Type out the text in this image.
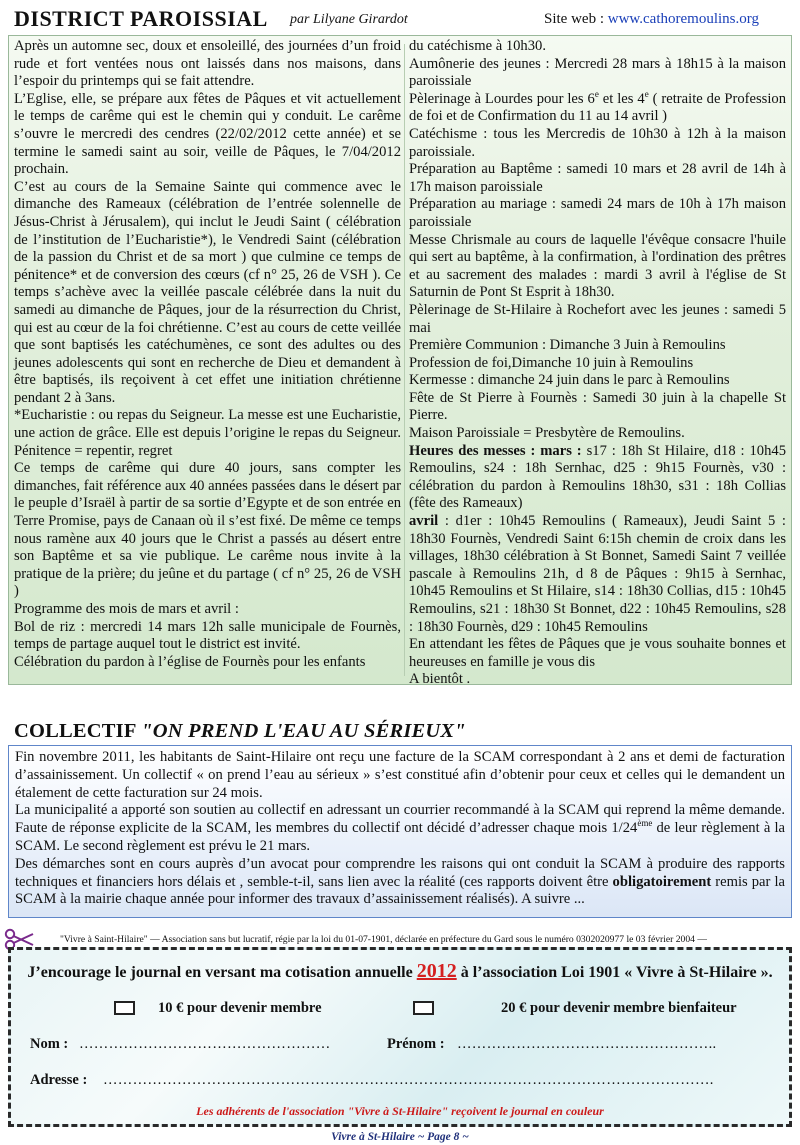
DISTRICT PAROISSIAL par Lilyane Girardot	Site web : www.cathoremoulins.org

Après un automne sec, doux et ensoleillé, des journées d’un froid rude et fort ventées nous ont laissés dans nos maisons, dans l’espoir du printemps qui se fait attendre.

L’Eglise, elle, se prépare aux fêtes de Pâques et vit actuellement le temps de carême qui est le chemin qui y conduit. Le carême s’ouvre le mercredi des cendres (22/02/2012 cette année) et se termine le samedi saint au soir, veille de Pâques, le 7/04/2012 prochain.

C’est au cours de la Semaine Sainte qui commence avec le dimanche des Rameaux (célébration de l’entrée solennelle de Jésus-Christ à Jérusalem), qui inclut le Jeudi Saint ( célébration de l’institution de l’Eucharistie*), le Vendredi Saint (célébration de la passion du Christ et de sa mort ) que culmine ce temps de pénitence* et de conversion des cœurs (cf n° 25, 26 de VSH ). Ce temps s’achève avec la veillée pascale célébrée dans la nuit du samedi au dimanche de Pâques, jour de la résurrection du Christ, qui est au cœur de la foi chrétienne. C’est au cours de cette veillée que sont baptisés les catéchumènes, ce sont des adultes ou des jeunes adolescents qui sont en recherche de Dieu et demandent à être baptisés, ils reçoivent à cet effet une initiation chrétienne pendant 2 à 3ans.

*Eucharistie : ou repas du Seigneur. La messe est une Eucharistie, une action de grâce. Elle est depuis l’origine le repas du Seigneur. Pénitence = repentir, regret

Ce temps de carême qui dure 40 jours, sans compter les dimanches, fait référence aux 40 années passées dans le désert par le peuple d’Israël à partir de sa sortie d’Egypte et de son entrée en Terre Promise, pays de Canaan où il s’est fixé. De même ce temps nous ramène aux 40 jours que le Christ a passés au désert entre son Baptême et sa vie publique. Le carême nous invite à la pratique de la prière; du jeûne et du partage ( cf n° 25, 26 de VSH )

Programme des mois de mars et avril :

Bol de riz : mercredi 14 mars 12h salle municipale de Fournès, temps de partage auquel tout le district est invité.

Célébration du pardon à l’église de Fournès pour les enfants

du catéchisme à 10h30.

Aumônerie des jeunes : Mercredi 28 mars à 18h15 à la maison paroissiale

Pèlerinage à Lourdes pour les 6e et les 4e ( retraite de Profession de foi et de Confirmation du 11 au 14 avril )

Catéchisme : tous les Mercredis de 10h30 à 12h à la maison paroissiale.

Préparation au Baptême : samedi 10 mars et 28 avril de 14h à 17h maison paroissiale

Préparation au mariage : samedi 24 mars de 10h à 17h maison paroissiale

Messe Chrismale au cours de laquelle l'évêque consacre l'huile qui sert au baptême, à la confirmation, à l'ordination des prêtres et au sacrement des malades : mardi 3 avril à l'église de St Saturnin de Pont St Esprit à 18h30.

Pèlerinage de St-Hilaire à Rochefort avec les jeunes : samedi 5 mai

Première Communion : Dimanche 3 Juin à Remoulins

Profession de foi,Dimanche 10 juin à Remoulins

Kermesse : dimanche 24 juin dans le parc à Remoulins

Fête de St Pierre à Fournès : Samedi 30 juin à la chapelle St Pierre.

Maison Paroissiale = Presbytère de Remoulins.

Heures des messes : mars : s17 : 18h St Hilaire, d18 : 10h45 Remoulins, s24 : 18h Sernhac, d25 : 9h15 Fournès, v30 : célébration du pardon à Remoulins 18h30, s31 : 18h Collias (fête des Rameaux)

avril : d1er : 10h45 Remoulins ( Rameaux), Jeudi Saint 5 : 18h30 Fournès, Vendredi Saint 6:15h chemin de croix dans les villages, 18h30 célébration à St Bonnet, Samedi Saint 7 veillée pascale à Remoulins 21h, d 8 de Pâques : 9h15 à Sernhac, 10h45 Remoulins et St Hilaire, s14 : 18h30 Collias, d15 : 10h45 Remoulins, s21 : 18h30 St Bonnet, d22 : 10h45 Remoulins, s28 : 18h30 Fournès, d29 : 10h45 Remoulins

En attendant les fêtes de Pâques que je vous souhaite bonnes et heureuses en famille je vous dis

A bientôt .

COLLECTIF "ON PREND L'EAU AU SÉRIEUX"

Fin novembre 2011, les habitants de Saint-Hilaire ont reçu une facture de la SCAM correspondant à 2 ans et demi de facturation d’assainissement. Un collectif « on prend l’eau au sérieux » s’est constitué afin d’obtenir pour ceux et celles qui le demandent un étalement de cette facturation sur 24 mois.

La municipalité a apporté son soutien au collectif en adressant un courrier recommandé à la SCAM qui reprend la même demande. Faute de réponse explicite de la SCAM, les membres du collectif ont décidé d’adresser chaque mois 1/24ème de leur règlement à la SCAM. Le second règlement est prévu le 21 mars.

Des démarches sont en cours auprès d’un avocat pour comprendre les raisons qui ont conduit la SCAM à produire des rapports techniques et financiers hors délais et , semble-t-il, sans lien avec la réalité (ces rapports doivent être obligatoirement remis par la SCAM à la mairie chaque année pour informer des travaux d’assainissement réalisés). A suivre ...

"Vivre à Saint-Hilaire" — Association sans but lucratif, régie par la loi du 01-07-1901, déclarée en préfecture du Gard sous le numéro 0302020977 le 03 février 2004 —
J’encourage le journal en versant ma cotisation annuelle 2012 à l’association Loi 1901 « Vivre à St-Hilaire ».
10 € pour devenir membre	20 € pour devenir membre bienfaiteur
Nom : ……………………………………………	Prénom : ……………………………………………..
Adresse : …………………………………………………………………………………………………………….
Les adhérents de l'association "Vivre à St-Hilaire" reçoivent le journal en couleur
Vivre à St-Hilaire ~ Page 8 ~
